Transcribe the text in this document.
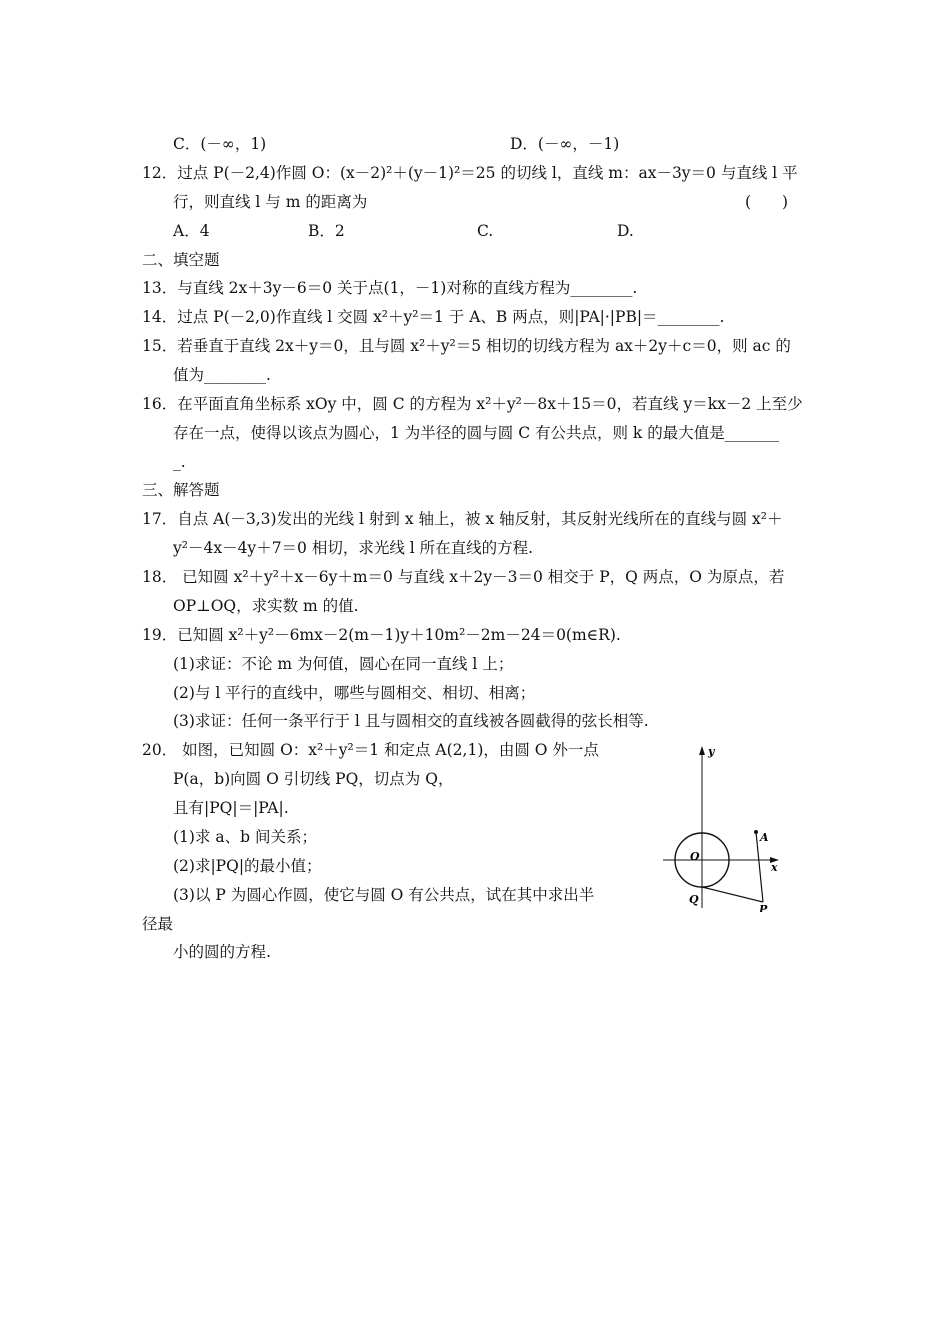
C．(－∞，1)	D．(－∞，－1)
12．过点 P(－2,4)作圆 O：(x－2)²＋(y－1)²＝25 的切线 l，直线 m：ax－3y＝0 与直线 l 平
行，则直线 l 与 m 的距离为	(　　)
A．4	B．2	C.	D.
二、填空题
13．与直线 2x＋3y－6＝0 关于点(1，－1)对称的直线方程为________.
14．过点 P(－2,0)作直线 l 交圆 x²＋y²＝1 于 A、B 两点，则|PA|·|PB|＝________.
15．若垂直于直线 2x＋y＝0，且与圆 x²＋y²＝5 相切的切线方程为 ax＋2y＋c＝0，则 ac 的
值为________.
16．在平面直角坐标系 xOy 中，圆 C 的方程为 x²＋y²－8x＋15＝0，若直线 y＝kx－2 上至少
存在一点，使得以该点为圆心，1 为半径的圆与圆 C 有公共点，则 k 的最大值是_______
_.
三、解答题
17．自点 A(－3,3)发出的光线 l 射到 x 轴上，被 x 轴反射，其反射光线所在的直线与圆 x²＋
y²－4x－4y＋7＝0 相切，求光线 l 所在直线的方程.
18． 已知圆 x²＋y²＋x－6y＋m＝0 与直线 x＋2y－3＝0 相交于 P，Q 两点，O 为原点，若
OP⊥OQ，求实数 m 的值.
19．已知圆 x²＋y²－6mx－2(m－1)y＋10m²－2m－24＝0(m∈R).
(1)求证：不论 m 为何值，圆心在同一直线 l 上；
(2)与 l 平行的直线中，哪些与圆相交、相切、相离；
(3)求证：任何一条平行于 l 且与圆相交的直线被各圆截得的弦长相等.
20． 如图，已知圆 O：x²＋y²＝1 和定点 A(2,1)，由圆 O 外一点
P(a，b)向圆 O 引切线 PQ，切点为 Q，
且有|PQ|＝|PA|.
(1)求 a、b 间关系；
(2)求|PQ|的最小值；
(3)以 P 为圆心作圆，使它与圆 O 有公共点，试在其中求出半
径最
小的圆的方程.
y
x
O
A
Q
P
